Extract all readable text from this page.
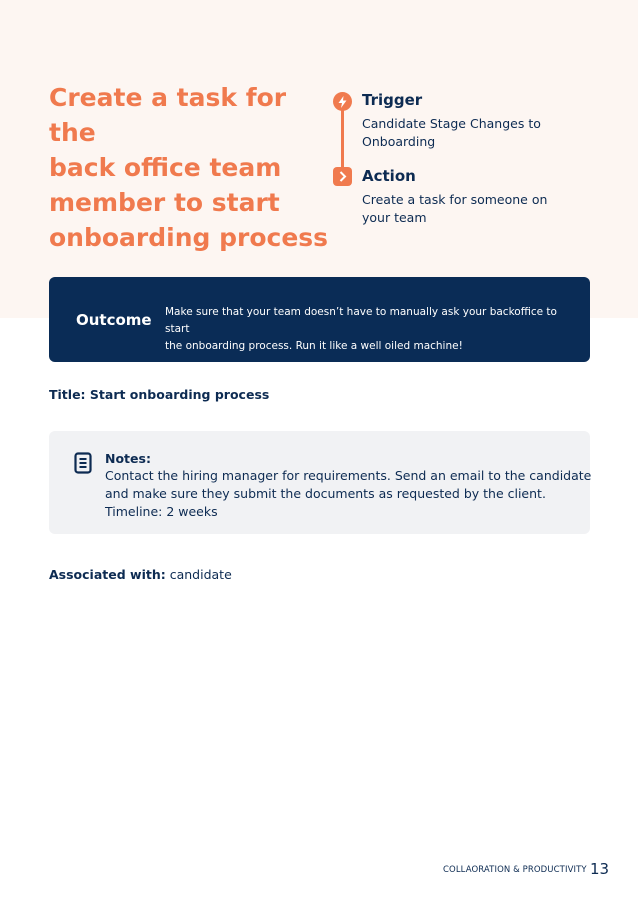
Create a task for the
back office team
member to start
onboarding process
Trigger
Candidate Stage Changes to
Onboarding
Action
Create a task for someone on
your team
Outcome Make sure that your team doesn’t have to manually ask your backoffice to start
the onboarding process. Run it like a well oiled machine!
Title: Start onboarding process
Notes:
Contact the hiring manager for requirements. Send an email to the candidate
and make sure they submit the documents as requested by the client.
Timeline: 2 weeks
Associated with: candidate
COLLAORATION & PRODUCTIVITY 13
